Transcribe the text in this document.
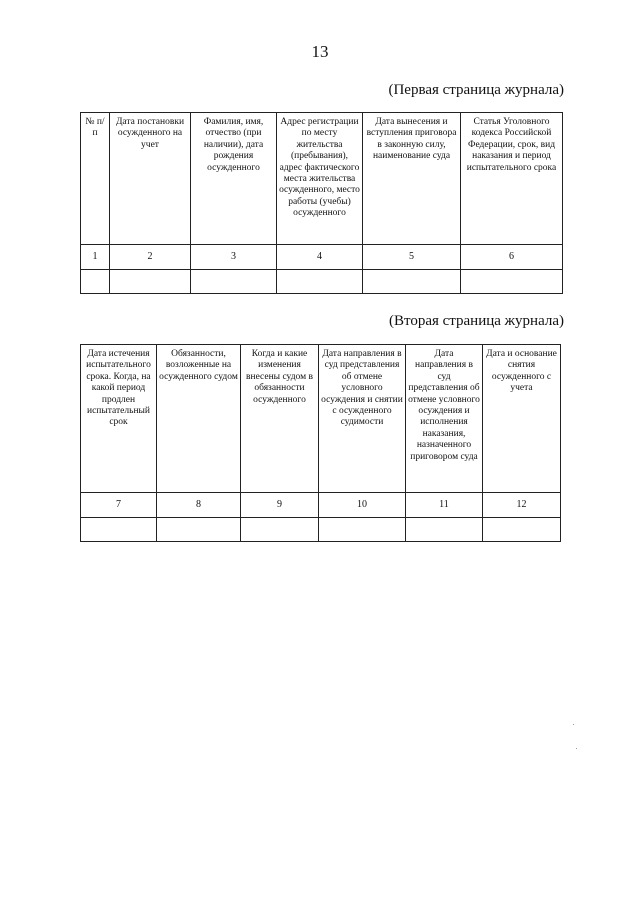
13
(Первая страница журнала)
№ п/п	Дата постановки осужденного на учет	Фамилия, имя, отчество (при наличии), дата рождения осужденного	Адрес регистрации по месту жительства (пребывания), адрес фактического места жительства осужденного, место работы (учебы) осужденного	Дата вынесения и вступления приговора в законную силу, наименование суда	Статья Уголовного кодекса Российской Федерации, срок, вид наказания и период испытательного срока
1	2	3	4	5	6

(Вторая страница журнала)
Дата истечения испытательного срока. Когда, на какой период продлен испытательный срок	Обязанности, возложенные на осужденного судом	Когда и какие изменения внесены судом в обязанности осужденного	Дата направления в суд представления об отмене условного осуждения и снятии с осужденного судимости	Дата направления в суд представления об отмене условного осуждения и исполнения наказания, назначенного приговором суда	Дата и основание снятия осужденного с учета
7	8	9	10	11	12
